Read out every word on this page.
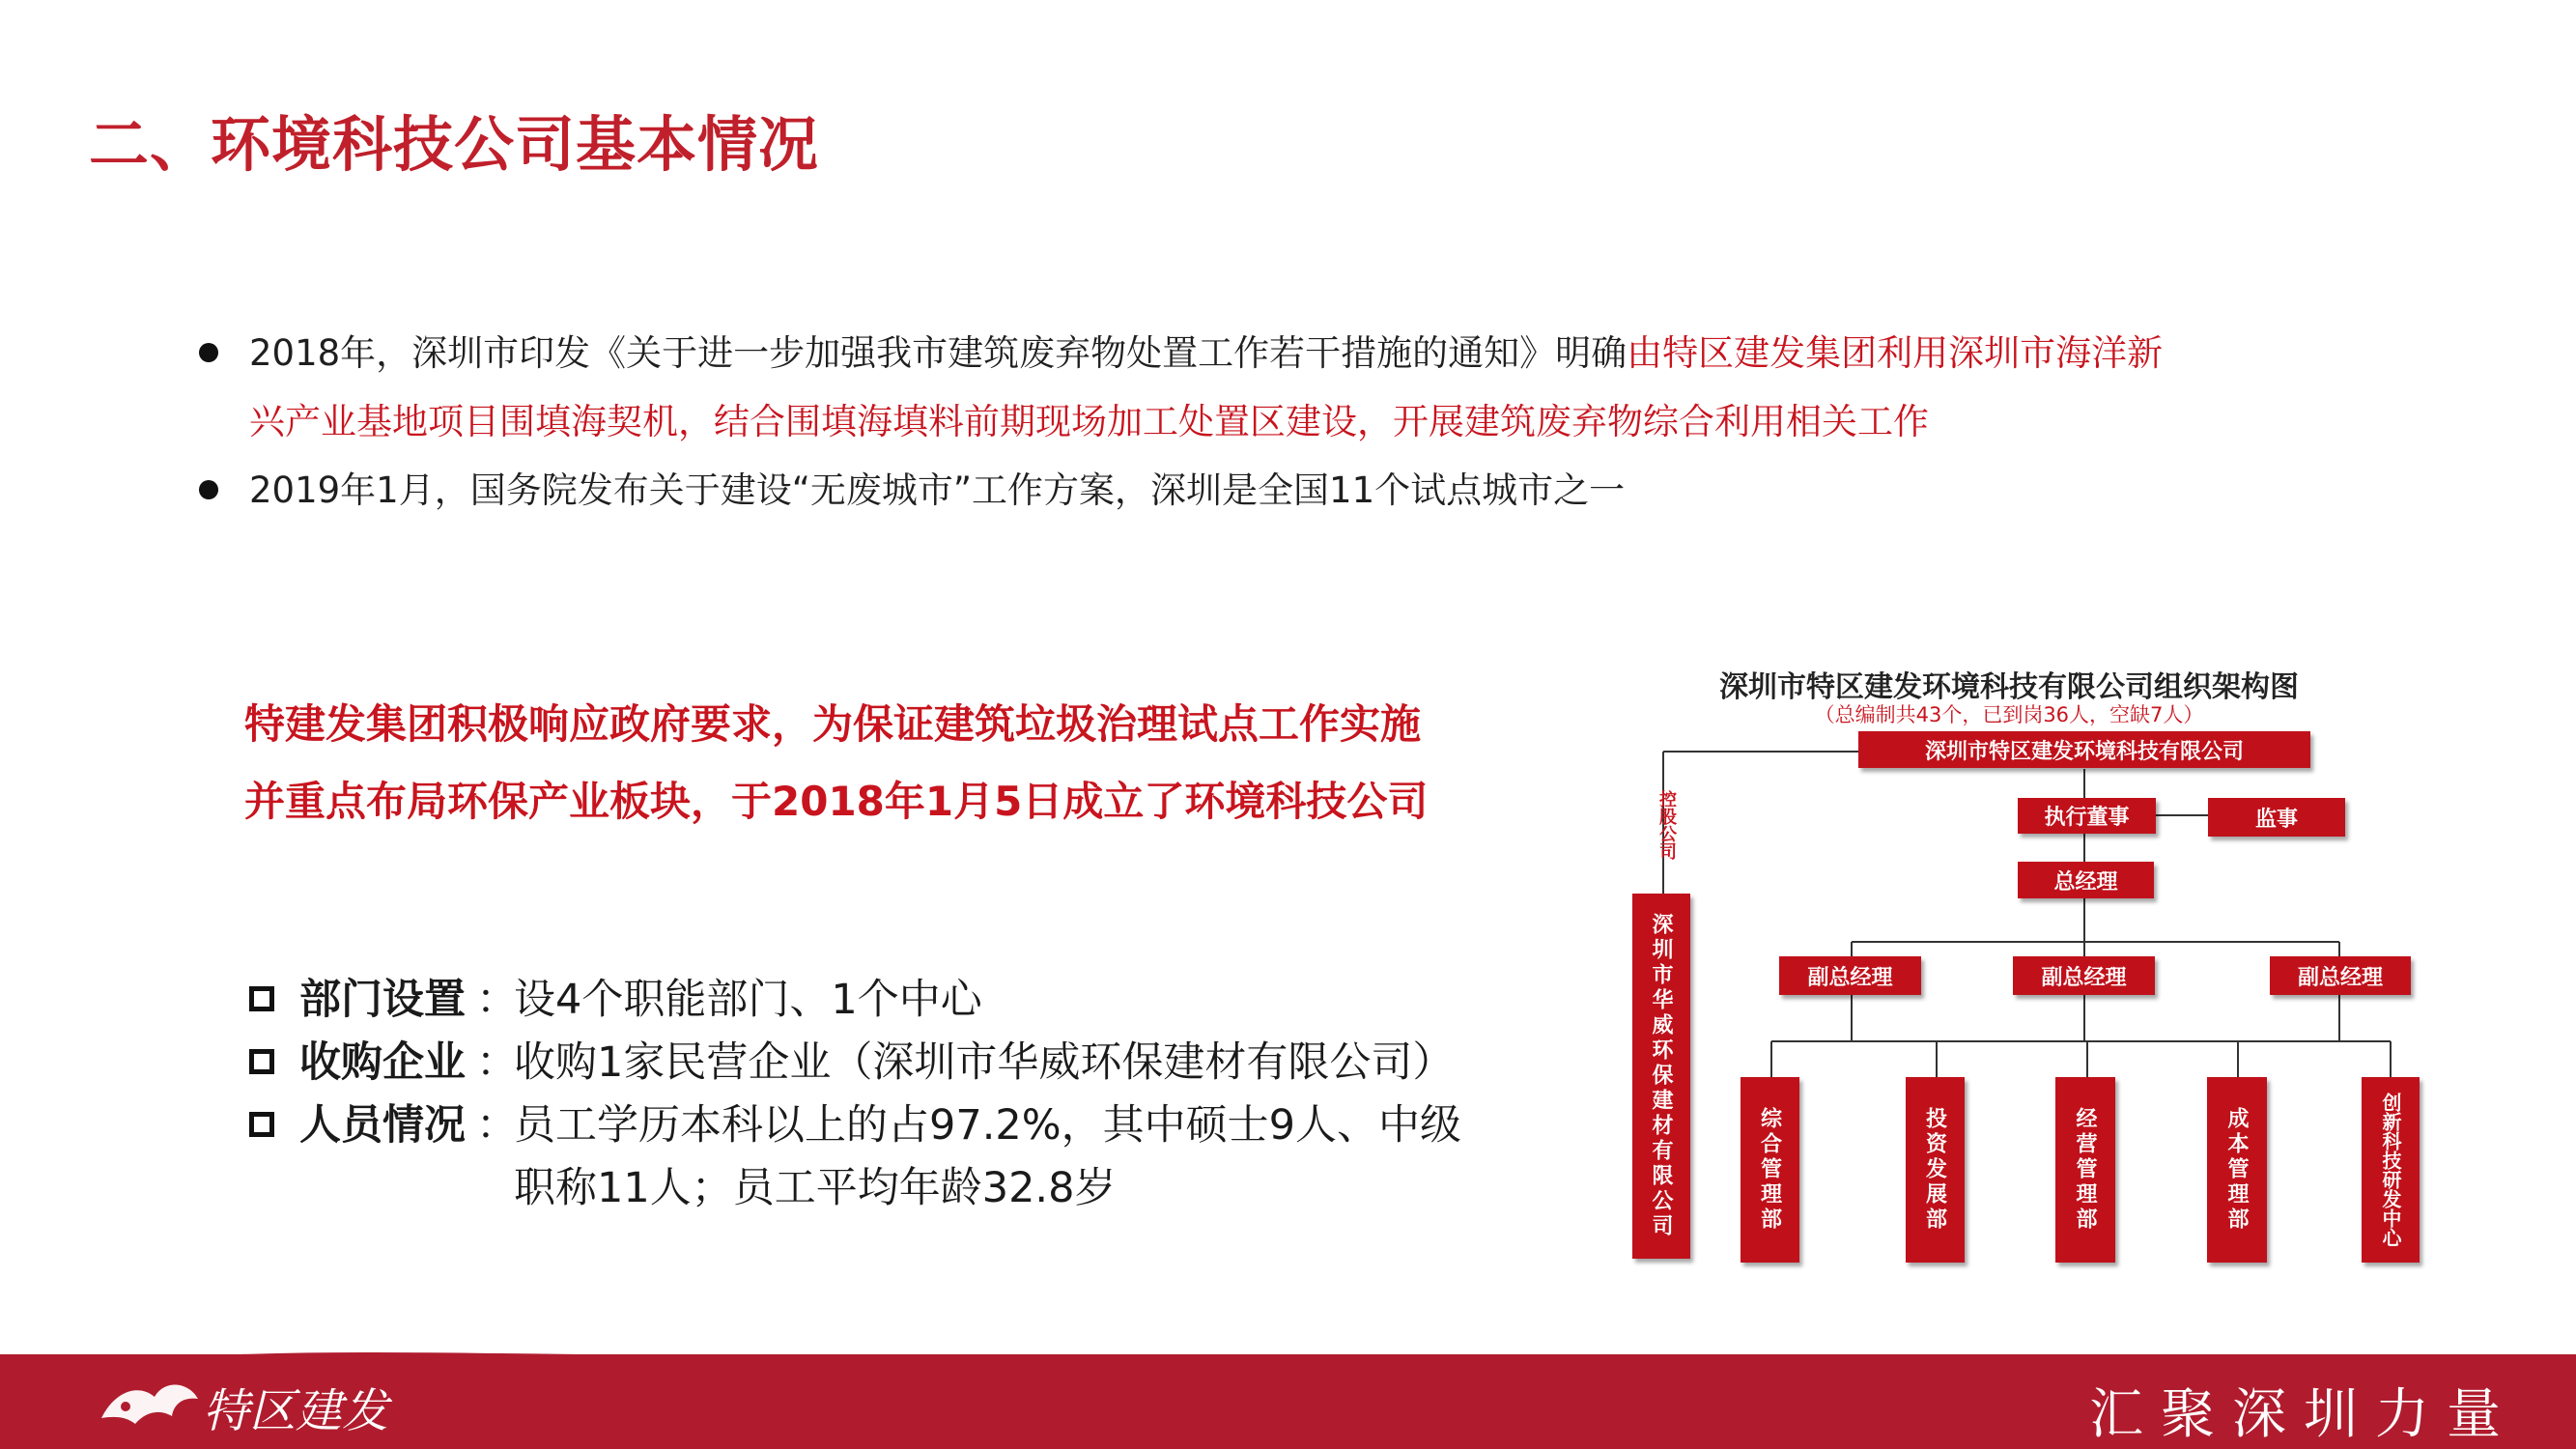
二、环境科技公司基本情况
2018年，深圳市印发《关于进一步加强我市建筑废弃物处置工作若干措施的通知》明确由特区建发集团利用深圳市海洋新
兴产业基地项目围填海契机，结合围填海填料前期现场加工处置区建设，开展建筑废弃物综合利用相关工作
2019年1月，国务院发布关于建设“无废城市”工作方案，深圳是全国11个试点城市之一
特建发集团积极响应政府要求，为保证建筑垃圾治理试点工作实施
并重点布局环保产业板块，于2018年1月5日成立了环境科技公司
部门设置 ：
设4个职能部门、1个中心
收购企业 ：
收购1家民营企业（深圳市华威环保建材有限公司）
人员情况 ：
员工学历本科以上的占97.2%，其中硕士9人、中级
职称11人；员工平均年龄32.8岁
深圳市特区建发环境科技有限公司组织架构图
（总编制共43个，已到岗36人，空缺7人）
控股公司
深圳市特区建发环境科技有限公司
执行董事	监事
总经理
副总经理	副总经理	副总经理
深圳市华威环保建材有限公司	综合管理部	投资发展部	经营管理部	成本管理部	创新科技研发中心
特区建发	汇聚深圳力量
